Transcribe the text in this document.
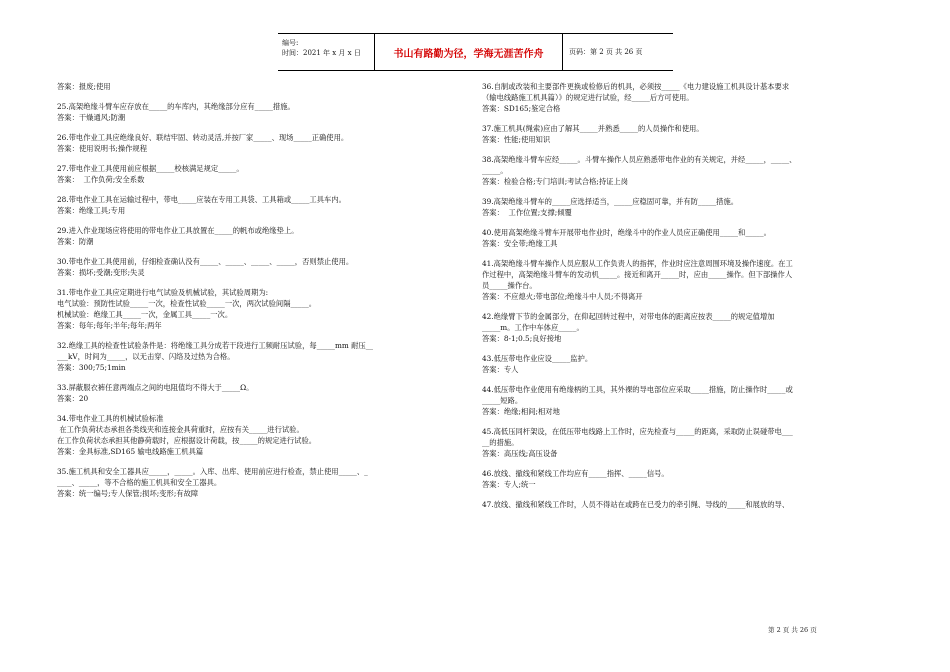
编号:
时间：2021 年 x 月 x 日	书山有路勤为径，学海无涯苦作舟	页码：第 2 页 共 26 页

答案：报废;使用

25.高架绝缘斗臂车应存放在_____的车库内，其绝缘部分应有_____措施。

答案：干燥通风;防潮

26.带电作业工具应绝缘良好、联结牢固、转动灵活,并按厂家_____、现场_____正确使用。

答案：使用说明书;操作规程

27.带电作业工具使用前应根据_____校核满足规定_____。

答案：  工作负荷;安全系数

28.带电作业工具在运输过程中，带电_____应装在专用工具袋、工具箱或_____工具车内。

答案：绝缘工具;专用

29.进入作业现场应将使用的带电作业工具放置在_____的帆布或绝缘垫上。

答案：防潮

30.带电作业工具使用前，仔细检查确认没有_____、_____、_____、_____，否则禁止使用。

答案：损坏;受潮;变形;失灵

31.带电作业工具应定期进行电气试验及机械试验，其试验周期为:

电气试验：预防性试验_____一次，检查性试验_____一次，两次试验间隔_____。

机械试验：绝缘工具_____一次，金属工具_____一次。

答案：每年;每年;半年;每年;两年

32.绝缘工具的检查性试验条件是：将绝缘工具分成若干段进行工频耐压试验，每_____mm 耐压__

___kV，时间为_____，以无击穿、闪络及过热为合格。

答案：300;75;1min

33.屏蔽服衣裤任意两端点之间的电阻值均不得大于_____Ω。

答案：20

34.带电作业工具的机械试验标准

在工作负荷状态承担各类线夹和连接金具荷重时，应按有关_____进行试验。

在工作负荷状态承担其他静荷载时，应根据设计荷载，按_____的规定进行试验。

答案：金具标准,SD165 输电线路施工机具篇

35.施工机具和安全工器具应_____，_____。入库、出库、使用前应进行检查，禁止使用_____、_

____、_____，等不合格的施工机具和安全工器具。

答案：统一编号;专人保管;损坏;变形;有故障

36.自制或改装和主要部件更换或检修后的机具，必须按_____《电力建设施工机具设计基本要求

（输电线路施工机具篇）》的规定进行试验，经_____后方可使用。

答案：SD165;鉴定合格

37.施工机具(绳索)应由了解其_____并熟悉_____的人员操作和使用。

答案：性能;使用知识

38.高架绝缘斗臂车应经_____。斗臂车操作人员应熟悉带电作业的有关规定，并经_____，_____、

_____。

答案：检验合格;专门培训;考试合格;持证上岗

39.高架绝缘斗臂车的_____应选择适当，_____应稳固可靠，并有防_____措施。

答案：  工作位置;支撑;倾覆

40.使用高架绝缘斗臂车开展带电作业时，绝缘斗中的作业人员应正确使用_____和_____。

答案：安全带;绝缘工具

41.高架绝缘斗臂车操作人员应服从工作负责人的指挥，作业时应注意周围环境及操作速度。在工

作过程中，高架绝缘斗臂车的发动机_____。接近和离开_____时，应由_____操作。但下部操作人

员_____操作台。

答案：不应熄火;带电部位;绝缘斗中人员;不得离开

42.绝缘臂下节的金属部分，在仰起回转过程中，对带电体的距离应按表_____的规定值增加

_____m。工作中车体应_____。

答案：8-1;0.5;良好接地

43.低压带电作业应设_____监护。

答案：专人

44.低压带电作业使用有绝缘柄的工具，其外裸的导电部位应采取_____措施，防止操作时_____或

_____短路。

答案：绝缘;相间;相对地

45.高低压同杆架设，在低压带电线路上工作时，应先检查与_____的距离，采取防止误碰带电___

__的措施。

答案：高压线;高压设备

46.放线、撤线和紧线工作均应有_____指挥、_____信号。

答案：专人;统一

47.放线、撤线和紧线工作时，人员不得站在或跨在已受力的牵引绳、导线的_____和展放的导、

第 2 页 共 26 页
